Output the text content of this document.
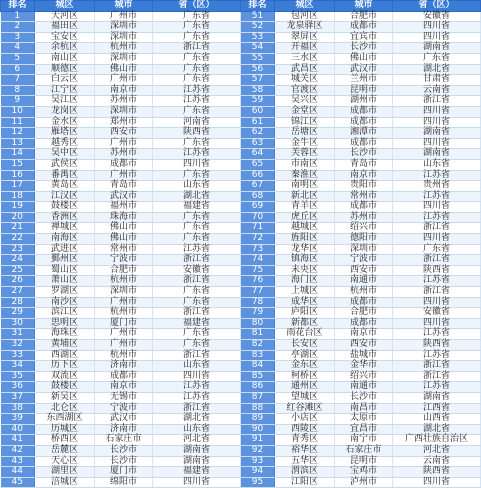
排名	城区	城市	省（区）	排名	城区	城市	省（区）
1	天河区	广州市	广东省	51	包河区	合肥市	安徽省
2	福田区	深圳市	广东省	52	龙泉驿区	成都市	四川省
3	宝安区	深圳市	广东省	53	翠屏区	宜宾市	四川省
4	余杭区	杭州市	浙江省	54	开福区	长沙市	湖南省
5	南山区	深圳市	广东省	55	三水区	佛山市	广东省
6	顺德区	佛山市	广东省	56	武昌区	武汉市	湖北省
7	白云区	广州市	广东省	57	城关区	兰州市	甘肃省
8	江宁区	南京市	江苏省	58	官渡区	昆明市	云南省
9	吴江区	苏州市	江苏省	59	吴兴区	湖州市	浙江省
10	龙岗区	深圳市	广东省	60	金堂区	成都市	四川省
11	金水区	郑州市	河南省	61	锦江区	成都市	四川省
12	雁塔区	西安市	陕西省	62	岳塘区	湘潭市	湖南省
13	越秀区	广州市	广东省	63	金牛区	成都市	四川省
14	吴中区	苏州市	江苏省	64	芙蓉区	长沙市	湖南省
15	武侯区	成都市	四川省	65	市南区	青岛市	山东省
16	番禺区	广州市	广东省	66	秦淮区	南京市	江苏省
17	黄岛区	青岛市	山东省	67	南明区	贵阳市	贵州省
18	江汉区	武汉市	湖北省	68	新北区	常州市	江苏省
19	鼓楼区	福州市	福建省	69	青羊区	成都市	四川省
20	香洲区	珠海市	广东省	70	虎丘区	苏州市	江苏省
21	禅城区	佛山市	广东省	71	越城区	绍兴市	浙江省
22	南海区	佛山市	广东省	72	旌阳区	德阳市	四川省
23	武进区	常州市	江苏省	73	龙华区	深圳市	广东省
24	鄞州区	宁波市	浙江省	74	镇海区	宁波市	浙江省
25	蜀山区	合肥市	安徽省	75	未央区	西安市	陕西省
26	萧山区	杭州市	浙江省	76	海门区	南通市	江苏省
27	罗湖区	深圳市	广东省	77	上城区	杭州市	浙江省
28	南沙区	广州市	广东省	78	成华区	成都市	四川省
29	滨江区	杭州市	浙江省	79	庐阳区	合肥市	安徽省
30	思明区	厦门市	福建省	80	新都区	成都市	四川省
31	海珠区	广州市	广东省	81	雨花台区	南京市	江苏省
32	黄埔区	广州市	广东省	82	长安区	西安市	陕西省
33	西湖区	杭州市	浙江省	83	亭湖区	盐城市	江苏省
34	历下区	济南市	山东省	84	金东区	金华市	浙江省
35	双流区	成都市	四川省	85	柯桥区	绍兴市	浙江省
36	鼓楼区	南京市	江苏省	86	通州区	南通市	江苏省
37	新吴区	无锡市	江苏省	87	望城区	长沙市	湖南省
38	北仑区	宁波市	浙江省	88	红谷滩区	南昌市	江西省
39	东西湖区	武汉市	湖北省	89	小店区	太原市	山西省
40	历城区	济南市	山东省	90	西陵区	宜昌市	湖北省
41	桥西区	石家庄市	河北省	91	青秀区	南宁市	广西壮族自治区
42	岳麓区	长沙市	湖南省	92	裕华区	石家庄市	河北省
43	天心区	长沙市	湖南省	93	五华区	昆明市	云南省
44	湖里区	厦门市	福建省	94	渭滨区	宝鸡市	陕西省
45	涪城区	绵阳市	四川省	95	江阳区	泸州市	四川省
